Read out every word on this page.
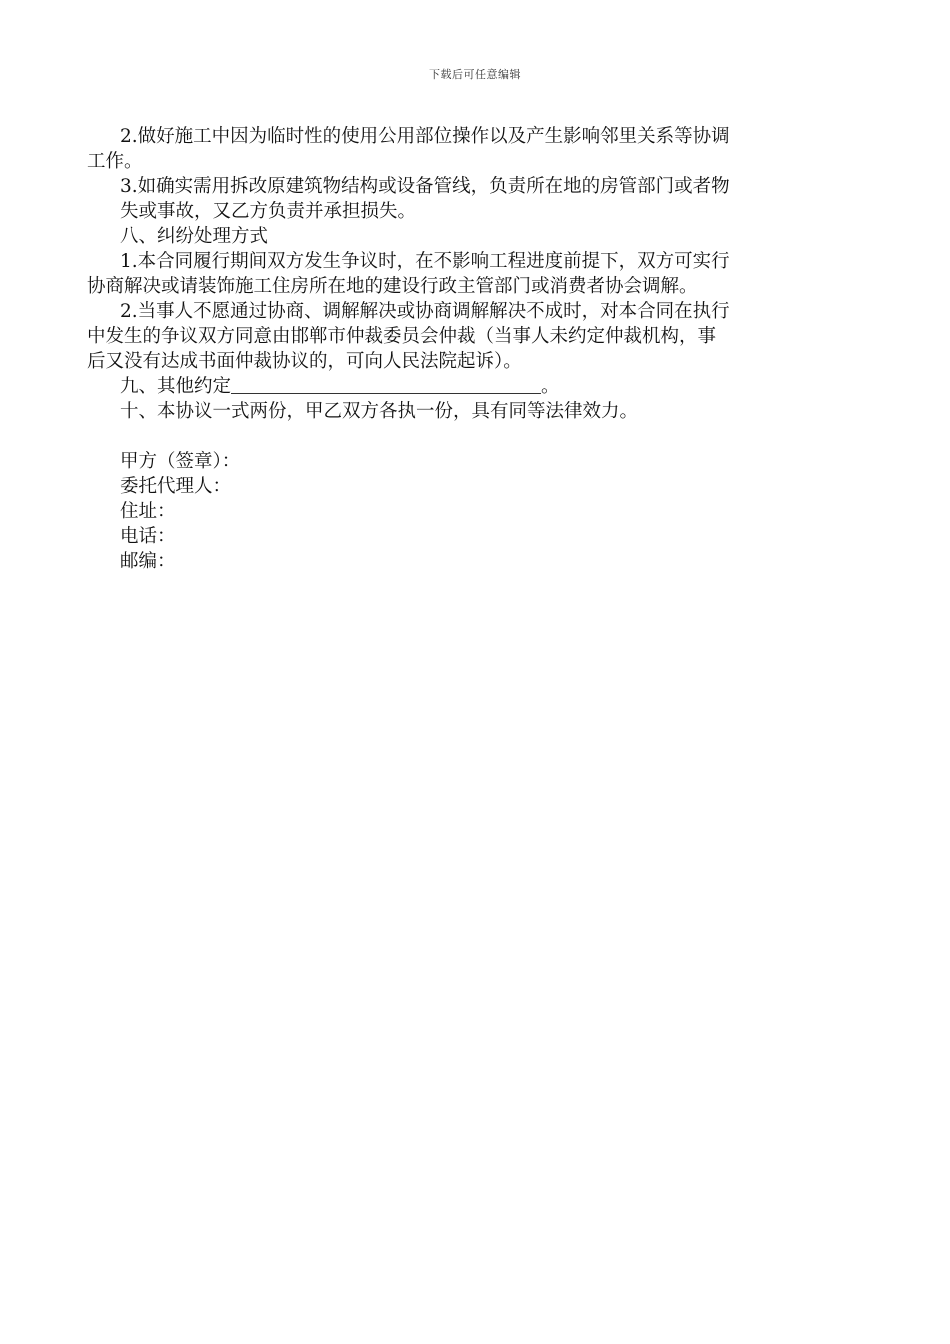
下载后可任意编辑
2.做好施工中因为临时性的使用公用部位操作以及产生影响邻里关系等协调
工作。
3.如确实需用拆改原建筑物结构或设备管线，负责所在地的房管部门或者物
失或事故，又乙方负责并承担损失。
八、纠纷处理方式
1.本合同履行期间双方发生争议时，在不影响工程进度前提下，双方可实行
协商解决或请装饰施工住房所在地的建设行政主管部门或消费者协会调解。
2.当事人不愿通过协商、调解解决或协商调解解决不成时，对本合同在执行
中发生的争议双方同意由邯郸市仲裁委员会仲裁（当事人未约定仲裁机构，事
后又没有达成书面仲裁协议的，可向人民法院起诉）。
九、其他约定	。
十、本协议一式两份，甲乙双方各执一份，具有同等法律效力。
甲方（签章）：
委托代理人：
住址：
电话：
邮编：
